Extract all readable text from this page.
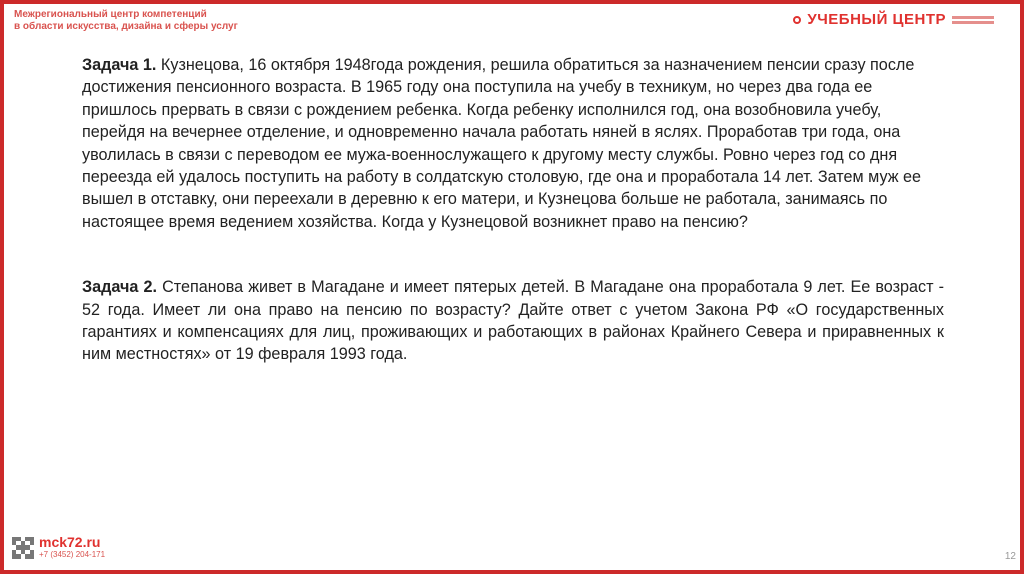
Межрегиональный центр компетенций
в области искусства, дизайна и сферы услуг	УЧЕБНЫЙ ЦЕНТР

Задача 1. Кузнецова, 16 октября 1948года рождения, решила обратиться за назначением пенсии сразу после достижения пенсионного возраста. В 1965 году она поступила на учебу в техникум, но через два года ее пришлось прервать в связи с рождением ребенка. Когда ребенку исполнился год, она возобновила учебу, перейдя на вечернее отделение, и одновременно начала работать няней в яслях. Проработав три года, она уволилась в связи с переводом ее мужа-военнослужащего к другому месту службы. Ровно через год со дня переезда ей удалось поступить на работу в солдатскую столовую, где она и проработала 14 лет. Затем муж ее вышел в отставку, они переехали в деревню к его матери, и Кузнецова больше не работала, занимаясь по настоящее время ведением хозяйства. Когда у Кузнецовой возникнет право на пенсию?

Задача 2. Степанова живет в Магадане и имеет пятерых детей. В Магадане она проработала 9 лет. Ее возраст - 52 года. Имеет ли она право на пенсию по возрасту? Дайте ответ с учетом Закона РФ «О государственных гарантиях и компенсациях для лиц, проживающих и работающих в районах Крайнего Севера и приравненных к ним местностях» от 19 февраля 1993 года.

mck72.ru
+7 (3452) 204-171	12
